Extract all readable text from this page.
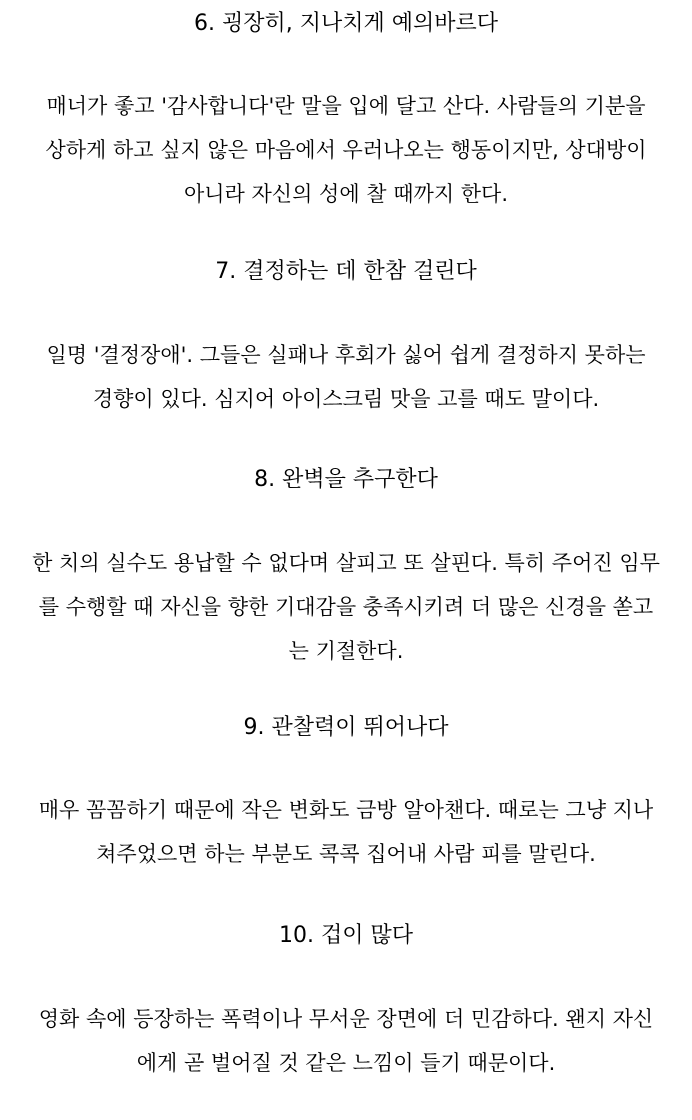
6. 굉장히, 지나치게 예의바르다
매너가 좋고 '감사합니다'란 말을 입에 달고 산다. 사람들의 기분을
상하게 하고 싶지 않은 마음에서 우러나오는 행동이지만, 상대방이
아니라 자신의 성에 찰 때까지 한다.
7. 결정하는 데 한참 걸린다
일명 '결정장애'. 그들은 실패나 후회가 싫어 쉽게 결정하지 못하는
경향이 있다. 심지어 아이스크림 맛을 고를 때도 말이다.
8. 완벽을 추구한다
한 치의 실수도 용납할 수 없다며 살피고 또 살핀다. 특히 주어진 임무
를 수행할 때 자신을 향한 기대감을 충족시키려 더 많은 신경을 쏟고
는 기절한다.
9. 관찰력이 뛰어나다
매우 꼼꼼하기 때문에 작은 변화도 금방 알아챈다. 때로는 그냥 지나
쳐주었으면 하는 부분도 콕콕 집어내 사람 피를 말린다.
10. 겁이 많다
영화 속에 등장하는 폭력이나 무서운 장면에 더 민감하다. 왠지 자신
에게 곧 벌어질 것 같은 느낌이 들기 때문이다.
